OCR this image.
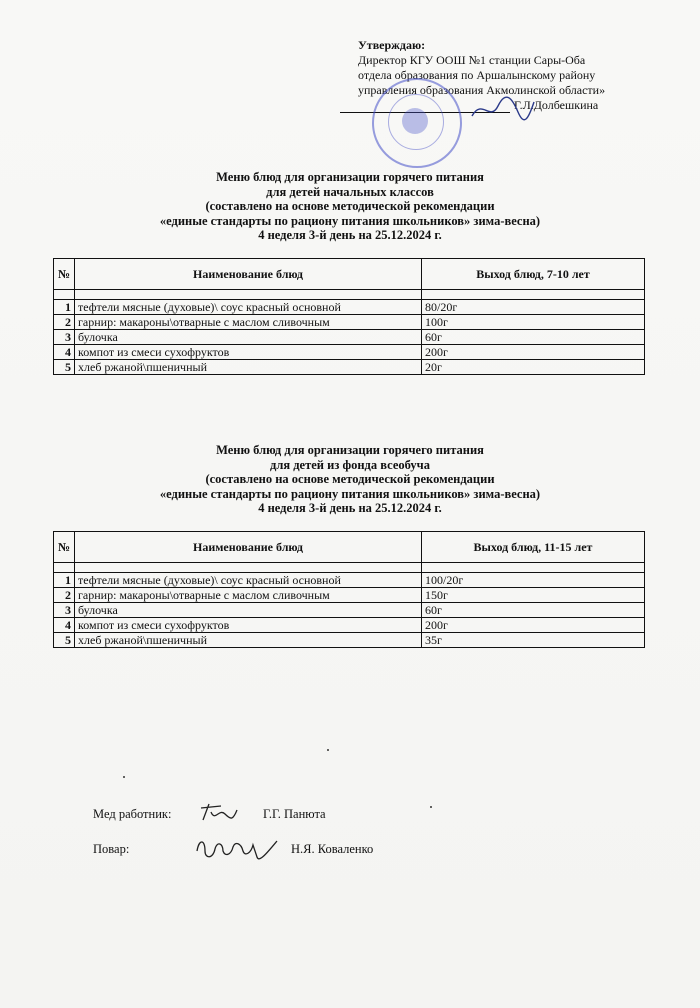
Утверждаю:
Директор КГУ ООШ №1 станции Сары-Оба
отдела образования по Аршалынскому району
управления образования Акмолинской области»
Г.Л.Долбешкина
Меню блюд для организации горячего питания
для детей начальных классов
(составлено на основе методической рекомендации
«единые стандарты по рациону питания школьников» зима-весна)
4 неделя 3-й день на 25.12.2024 г.
№	Наименование блюд	Выход блюд, 7-10 лет

1	тефтели мясные (духовые)\ соус красный основной	80/20г
2	гарнир: макароны\отварные с маслом сливочным	100г
3	булочка	60г
4	компот из смеси сухофруктов	200г
5	хлеб ржаной\пшеничный	20г
Меню блюд для организации горячего питания
для детей из фонда всеобуча
(составлено на основе методической рекомендации
«единые стандарты по рациону питания школьников» зима-весна)
4 неделя 3-й день на 25.12.2024 г.
№	Наименование блюд	Выход блюд, 11-15 лет

1	тефтели мясные (духовые)\ соус красный основной	100/20г
2	гарнир: макароны\отварные с маслом сливочным	150г
3	булочка	60г
4	компот из смеси сухофруктов	200г
5	хлеб ржаной\пшеничный	35г
Мед работник:	Г.Г. Панюта
Повар:	Н.Я. Коваленко
